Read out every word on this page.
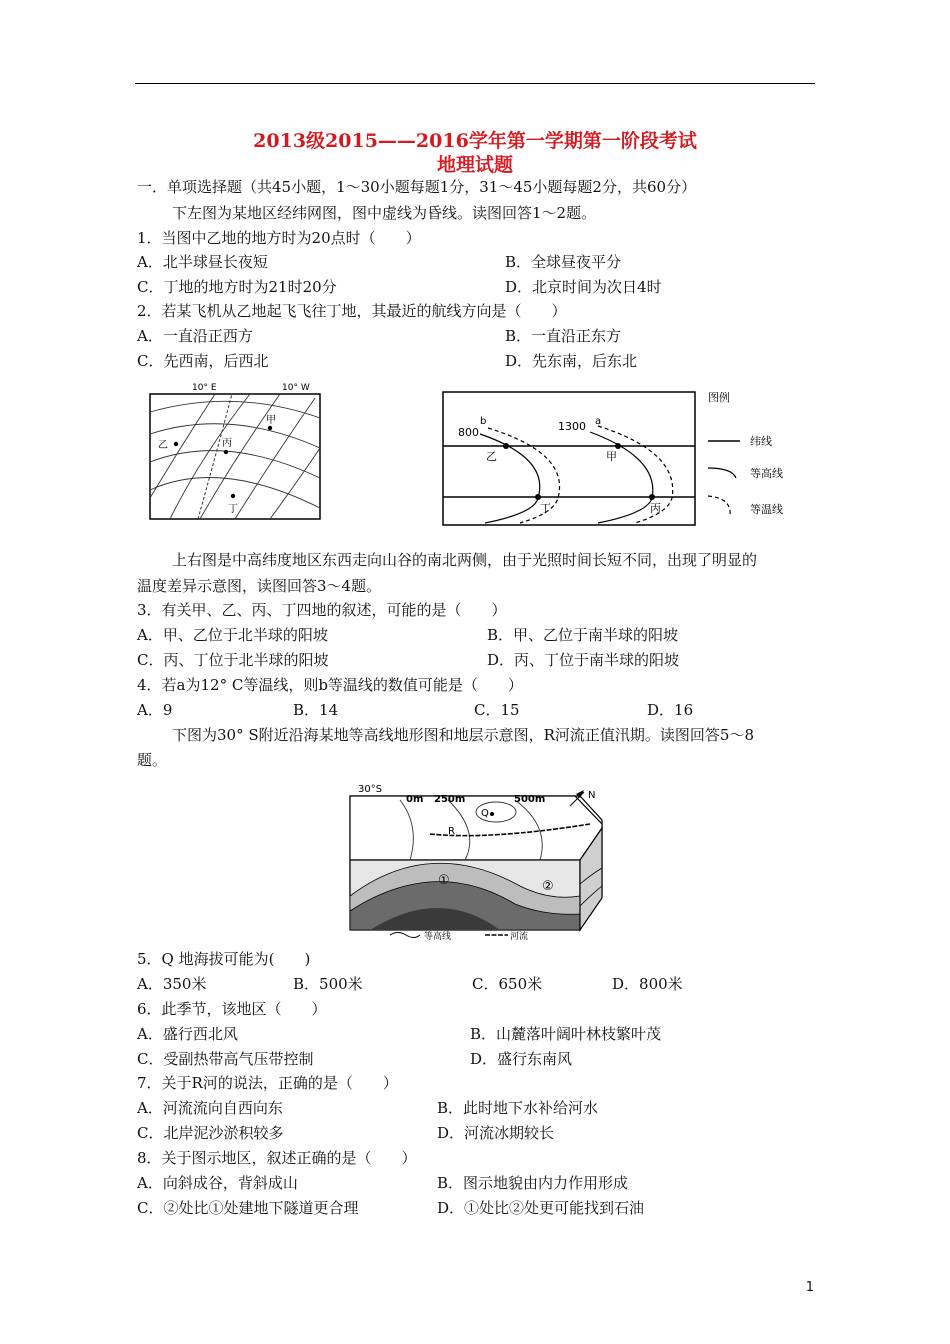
2013级2015——2016学年第一学期第一阶段考试
地理试题
一．单项选择题（共45小题，1～30小题每题1分，31～45小题每题2分，共60分）
下左图为某地区经纬网图，图中虚线为昏线。读图回答1～2题。
1．当图中乙地的地方时为20点时（　　）
A．北半球昼长夜短	B．全球昼夜平分
C．丁地的地方时为21时20分	D．北京时间为次日4时
2．若某飞机从乙地起飞飞往丁地，其最近的航线方向是（　　）
A．一直沿正西方	B．一直沿正东方
C．先西南，后西北	D．先东南，后东北
10° E	10° W
乙	丙
甲
丁
800
b	1300 a
乙	甲
丁	丙
图例
纬线
等高线
等温线
上右图是中高纬度地区东西走向山谷的南北两侧，由于光照时间长短不同，出现了明显的
温度差异示意图，读图回答3～4题。
3．有关甲、乙、丙、丁四地的叙述，可能的是（　　）
A．甲、乙位于北半球的阳坡	B．甲、乙位于南半球的阳坡
C．丙、丁位于北半球的阳坡	D．丙、丁位于南半球的阳坡
4．若a为12° C等温线，则b等温线的数值可能是（　　）
A．9	B．14	C．15	D．16
下图为30° S附近沿海某地等高线地形图和地层示意图，R河流正值汛期。读图回答5～8
题。
30°S
0m 250m	500m
Q
R
N
①	②
等高线	河流
5．Q 地海拔可能为(　　)
A．350米	B．500米	C．650米	D．800米
6．此季节，该地区（　　）
A．盛行西北风	B．山麓落叶阔叶林枝繁叶茂
C．受副热带高气压带控制	D．盛行东南风
7．关于R河的说法，正确的是（　　）
A．河流流向自西向东	B．此时地下水补给河水
C．北岸泥沙淤积较多	D．河流冰期较长
8．关于图示地区，叙述正确的是（　　）
A．向斜成谷，背斜成山	B．图示地貌由内力作用形成
C．②处比①处建地下隧道更合理	D．①处比②处更可能找到石油
1
